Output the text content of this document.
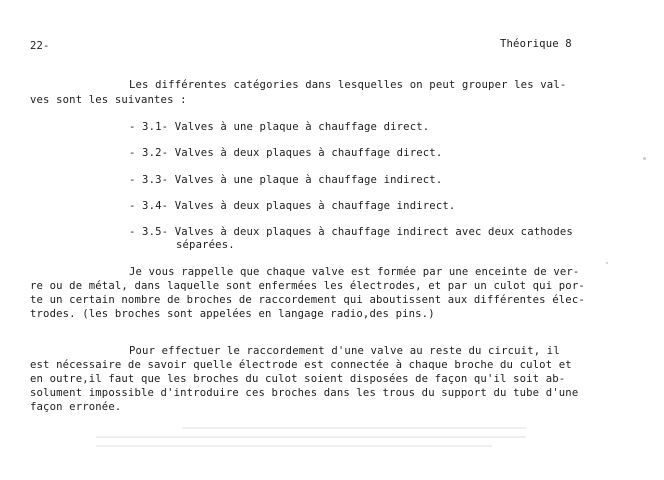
22-	Théorique 8
Les différentes catégories dans lesquelles on peut grouper les val-
ves sont les suivantes :
- 3.1- Valves à une plaque à chauffage direct.
- 3.2- Valves à deux plaques à chauffage direct.
- 3.3- Valves à une plaque à chauffage indirect.
- 3.4- Valves à deux plaques à chauffage indirect.
- 3.5- Valves à deux plaques à chauffage indirect avec deux cathodes
séparées.
Je vous rappelle que chaque valve est formée par une enceinte de ver-
re ou de métal, dans laquelle sont enfermées les électrodes, et par un culot qui por-
te un certain nombre de broches de raccordement qui aboutissent aux différentes élec-
trodes. (les broches sont appelées en langage radio,des pins.)
Pour effectuer le raccordement d'une valve au reste du circuit, il
est nécessaire de savoir quelle électrode est connectée à chaque broche du culot et
en outre,il faut que les broches du culot soient disposées de façon qu'il soit ab-
solument impossible d'introduire ces broches dans les trous du support du tube d'une
façon erronée.
